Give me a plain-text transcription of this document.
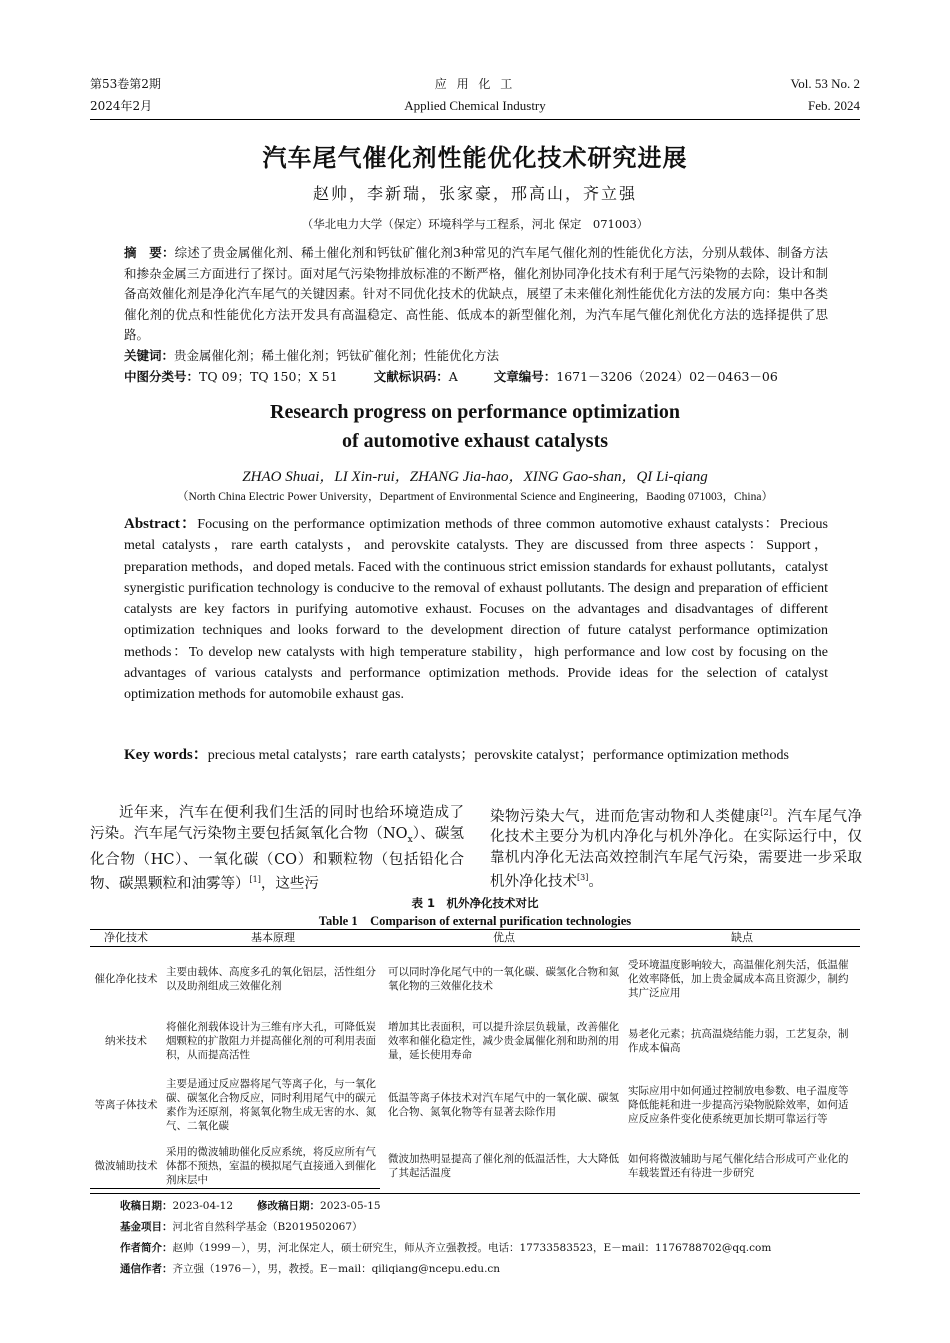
第53卷第2期
2024年2月
应 用 化 工
Applied Chemical Industry
Vol. 53 No. 2
Feb. 2024
汽车尾气催化剂性能优化技术研究进展
赵帅，李新瑞，张家豪，邢高山，齐立强
（华北电力大学（保定）环境科学与工程系，河北 保定　071003）
摘　要：综述了贵金属催化剂、稀土催化剂和钙钛矿催化剂3种常见的汽车尾气催化剂的性能优化方法，分别从载体、制备方法和掺杂金属三方面进行了探讨。面对尾气污染物排放标准的不断严格，催化剂协同净化技术有利于尾气污染物的去除，设计和制备高效催化剂是净化汽车尾气的关键因素。针对不同优化技术的优缺点，展望了未来催化剂性能优化方法的发展方向：集中各类催化剂的优点和性能优化方法开发具有高温稳定、高性能、低成本的新型催化剂，为汽车尾气催化剂优化方法的选择提供了思路。
关键词：贵金属催化剂；稀土催化剂；钙钛矿催化剂；性能优化方法
中图分类号：TQ 09；TQ 150；X 51	文献标识码：A	文章编号：1671－3206（2024）02－0463－06
Research progress on performance optimization
of automotive exhaust catalysts
ZHAO Shuai，LI Xin-rui，ZHANG Jia-hao，XING Gao-shan，QI Li-qiang
（North China Electric Power University，Department of Environmental Science and Engineering，Baoding 071003，China）
Abstract：Focusing on the performance optimization methods of three common automotive exhaust catalysts：Precious metal catalysts，rare earth catalysts，and perovskite catalysts. They are discussed from three aspects：Support，preparation methods，and doped metals. Faced with the continuous strict emission standards for exhaust pollutants，catalyst synergistic purification technology is conducive to the removal of exhaust pollutants. The design and preparation of efficient catalysts are key factors in purifying automotive exhaust. Focuses on the advantages and disadvantages of different optimization techniques and looks forward to the development direction of future catalyst performance optimization methods：To develop new catalysts with high temperature stability，high performance and low cost by focusing on the advantages of various catalysts and performance optimization methods. Provide ideas for the selection of catalyst optimization methods for automobile exhaust gas.
Key words：precious metal catalysts；rare earth catalysts；perovskite catalyst；performance optimization methods
近年来，汽车在便利我们生活的同时也给环境造成了污染。汽车尾气污染物主要包括氮氧化合物$(NO_x)$、碳氢化合物（HC）、一氧化碳（CO）和颗粒物（包括铅化合物、碳黑颗粒和油雾等）[1]，这些污
染物污染大气，进而危害动物和人类健康[2]。汽车尾气净化技术主要分为机内净化与机外净化。在实际运行中，仅靠机内净化无法高效控制汽车尾气污染，需要进一步采取机外净化技术[3]。
表 1　机外净化技术对比
Table 1　Comparison of external purification technologies
净化技术	基本原理	优点	缺点
催化净化技术	主要由载体、高度多孔的氧化铝层，活性组分以及助剂组成三效催化剂	可以同时净化尾气中的一氧化碳、碳氢化合物和氮氧化物的三效催化技术	受环境温度影响较大，高温催化剂失活，低温催化效率降低，加上贵金属成本高且资源少，制约其广泛应用
纳米技术	将催化剂载体设计为三维有序大孔，可降低炭烟颗粒的扩散阻力并提高催化剂的可利用表面积，从而提高活性	增加其比表面积，可以提升涂层负载量，改善催化效率和催化稳定性，减少贵金属催化剂和助剂的用量，延长使用寿命	易老化元素；抗高温烧结能力弱，工艺复杂，制作成本偏高
等离子体技术	主要是通过反应器将尾气等离子化，与一氧化碳、碳氢化合物反应，同时利用尾气中的碳元素作为还原剂，将氮氧化物生成无害的水、氮气、二氧化碳	低温等离子体技术对汽车尾气中的一氧化碳、碳氢化合物、氮氧化物等有显著去除作用	实际应用中如何通过控制放电参数、电子温度等降低能耗和进一步提高污染物脱除效率，如何适应反应条件变化使系统更加长期可靠运行等
微波辅助技术	采用的微波辅助催化反应系统，将反应所有气体都不预热，室温的模拟尾气直接通入到催化剂床层中	微波加热明显提高了催化剂的低温活性，大大降低了其起活温度	如何将微波辅助与尾气催化结合形成可产业化的车载装置还有待进一步研究
收稿日期：2023-04-12 修改稿日期：2023-05-15
基金项目：河北省自然科学基金（B2019502067）
作者简介：赵帅（1999－），男，河北保定人，硕士研究生，师从齐立强教授。电话：17733583523，E－mail：1176788702@qq.com
通信作者：齐立强（1976－），男，教授。E－mail：qiliqiang@ncepu.edu.cn
